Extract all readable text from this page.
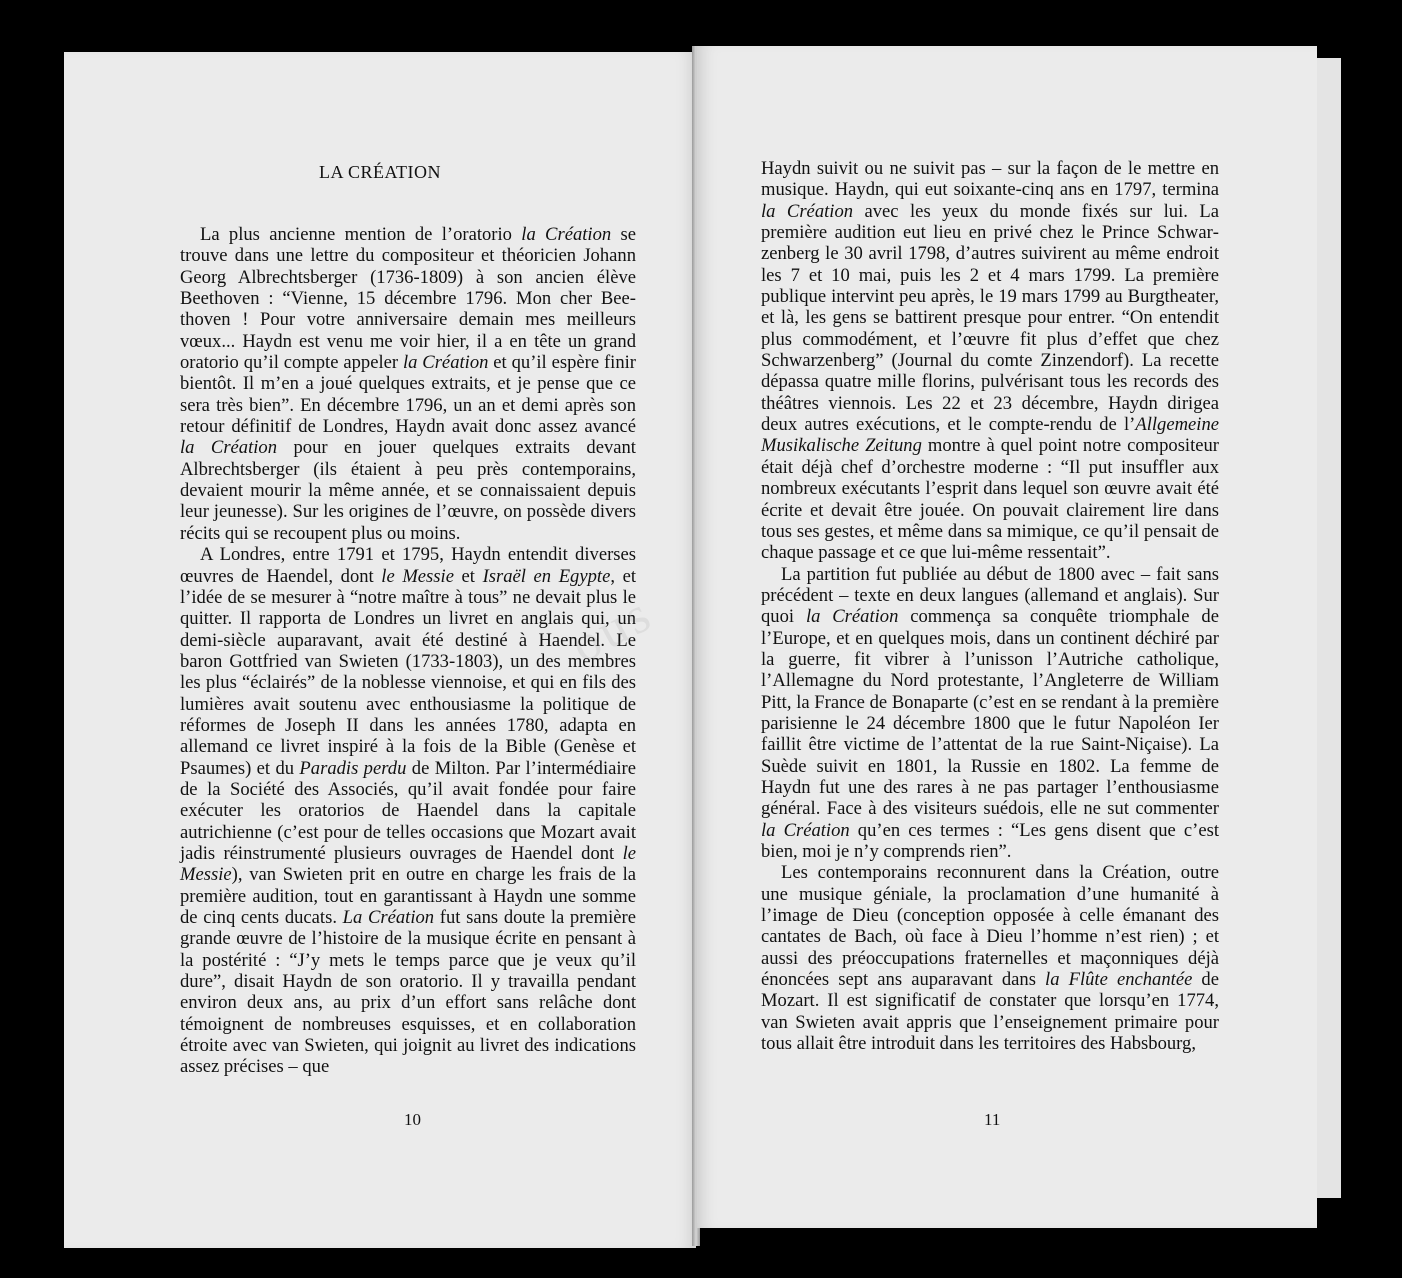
LA CRÉATION

La plus ancienne mention de l’oratorio la Création se trouve dans une lettre du compositeur et théoricien Johann Georg Albrechtsberger (1736-1809) à son ancien élève Beethoven : “Vienne, 15 décembre 1796. Mon cher Beethoven ! Pour votre anniversaire demain mes meilleurs vœux... Haydn est venu me voir hier, il a en tête un grand oratorio qu’il compte appeler la Création et qu’il espère finir bientôt. Il m’en a joué quelques extraits, et je pense que ce sera très bien”. En décembre 1796, un an et demi après son retour définitif de Londres, Haydn avait donc assez avancé la Création pour en jouer quelques extraits devant Albrechtsberger (ils étaient à peu près contemporains, devaient mourir la même année, et se connaissaient depuis leur jeunesse). Sur les origines de l’œuvre, on possède divers récits qui se recoupent plus ou moins.

A Londres, entre 1791 et 1795, Haydn entendit diverses œuvres de Haendel, dont le Messie et Israël en Egypte, et l’idée de se mesurer à “notre maître à tous” ne devait plus le quitter. Il rapporta de Londres un livret en anglais qui, un demi-siècle auparavant, avait été destiné à Haendel. Le baron Gottfried van Swieten (1733-1803), un des membres les plus “éclairés” de la noblesse viennoise, et qui en fils des lumières avait soutenu avec enthousiasme la politique de réformes de Joseph II dans les années 1780, adapta en allemand ce livret inspiré à la fois de la Bible (Genèse et Psaumes) et du Paradis perdu de Milton. Par l’intermédiaire de la Société des Associés, qu’il avait fondée pour faire exécuter les oratorios de Haendel dans la capitale autrichienne (c’est pour de telles occasions que Mozart avait jadis réinstrumenté plusieurs ouvrages de Haendel dont le Messie), van Swieten prit en outre en charge les frais de la première audition, tout en garantissant à Haydn une somme de cinq cents ducats. La Création fut sans doute la première grande œuvre de l’histoire de la musique écrite en pensant à la postérité : “J’y mets le temps parce que je veux qu’il dure”, disait Haydn de son oratorio. Il y travailla pendant environ deux ans, au prix d’un effort sans relâche dont témoignent de nombreuses esquisses, et en collaboration étroite avec van Swieten, qui joignit au livret des indications assez précises – que

10

Haydn suivit ou ne suivit pas – sur la façon de le mettre en musique. Haydn, qui eut soixante-cinq ans en 1797, termina la Création avec les yeux du monde fixés sur lui. La première audition eut lieu en privé chez le Prince Schwarzenberg le 30 avril 1798, d’autres suivirent au même endroit les 7 et 10 mai, puis les 2 et 4 mars 1799. La première publique intervint peu après, le 19 mars 1799 au Burgtheater, et là, les gens se battirent presque pour entrer. “On entendit plus commodément, et l’œuvre fit plus d’effet que chez Schwarzenberg” (Journal du comte Zinzendorf). La recette dépassa quatre mille florins, pulvérisant tous les records des théâtres viennois. Les 22 et 23 décembre, Haydn dirigea deux autres exécutions, et le compte-rendu de l’Allgemeine Musikalische Zeitung montre à quel point notre compositeur était déjà chef d’orchestre moderne : “Il put insuffler aux nombreux exécutants l’esprit dans lequel son œuvre avait été écrite et devait être jouée. On pouvait clairement lire dans tous ses gestes, et même dans sa mimique, ce qu’il pensait de chaque passage et ce que lui-même ressentait”.

La partition fut publiée au début de 1800 avec – fait sans précédent – texte en deux langues (allemand et anglais). Sur quoi la Création commença sa conquête triomphale de l’Europe, et en quelques mois, dans un continent déchiré par la guerre, fit vibrer à l’unisson l’Autriche catholique, l’Allemagne du Nord protestante, l’Angleterre de William Pitt, la France de Bonaparte (c’est en se rendant à la première parisienne le 24 décembre 1800 que le futur Napoléon Ier faillit être victime de l’attentat de la rue Saint-Niçaise). La Suède suivit en 1801, la Russie en 1802. La femme de Haydn fut une des rares à ne pas partager l’enthousiasme général. Face à des visiteurs suédois, elle ne sut commenter la Création qu’en ces termes : “Les gens disent que c’est bien, moi je n’y comprends rien”.

Les contemporains reconnurent dans la Création, outre une musique géniale, la proclamation d’une humanité à l’image de Dieu (conception opposée à celle émanant des cantates de Bach, où face à Dieu l’homme n’est rien) ; et aussi des préoccupations fraternelles et maçonniques déjà énoncées sept ans auparavant dans la Flûte enchantée de Mozart. Il est significatif de constater que lorsqu’en 1774, van Swieten avait appris que l’enseignement primaire pour tous allait être introduit dans les territoires des Habsbourg,

11
